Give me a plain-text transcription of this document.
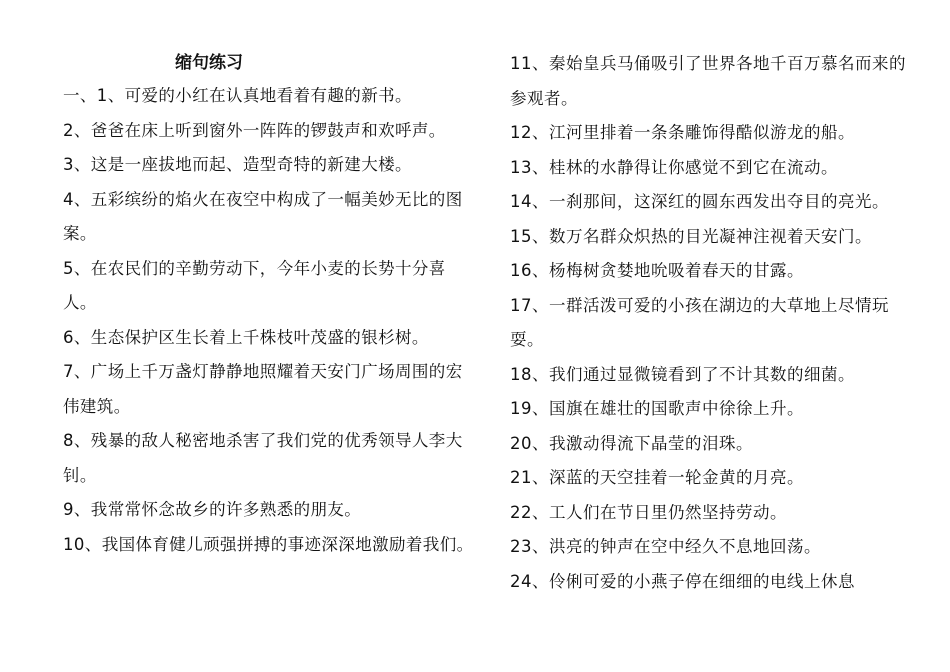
缩句练习
一、1、可爱的小红在认真地看着有趣的新书。
2、爸爸在床上听到窗外一阵阵的锣鼓声和欢呼声。
3、这是一座拔地而起、造型奇特的新建大楼。
4、五彩缤纷的焰火在夜空中构成了一幅美妙无比的图案。
5、在农民们的辛勤劳动下，今年小麦的长势十分喜人。
6、生态保护区生长着上千株枝叶茂盛的银杉树。
7、广场上千万盏灯静静地照耀着天安门广场周围的宏伟建筑。
8、残暴的敌人秘密地杀害了我们党的优秀领导人李大钊。
9、我常常怀念故乡的许多熟悉的朋友。
10、我国体育健儿顽强拼搏的事迹深深地激励着我们。
11、秦始皇兵马俑吸引了世界各地千百万慕名而来的参观者。
12、江河里排着一条条雕饰得酷似游龙的船。
13、桂林的水静得让你感觉不到它在流动。
14、一刹那间，这深红的圆东西发出夺目的亮光。
15、数万名群众炽热的目光凝神注视着天安门。
16、杨梅树贪婪地吮吸着春天的甘露。
17、一群活泼可爱的小孩在湖边的大草地上尽情玩耍。
18、我们通过显微镜看到了不计其数的细菌。
19、国旗在雄壮的国歌声中徐徐上升。
20、我激动得流下晶莹的泪珠。
21、深蓝的天空挂着一轮金黄的月亮。
22、工人们在节日里仍然坚持劳动。
23、洪亮的钟声在空中经久不息地回荡。
24、伶俐可爱的小燕子停在细细的电线上休息
